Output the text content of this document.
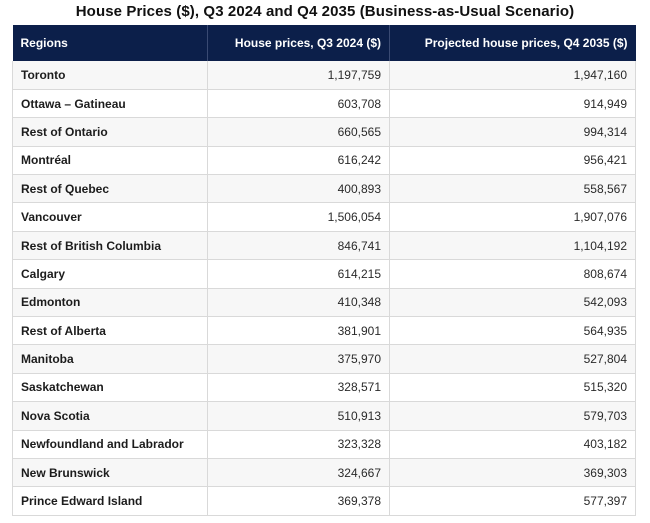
House Prices ($), Q3 2024 and Q4 2035 (Business-as-Usual Scenario)
Regions	House prices, Q3 2024 ($)	Projected house prices, Q4 2035 ($)
Toronto	1,197,759	1,947,160
Ottawa – Gatineau	603,708	914,949
Rest of Ontario	660,565	994,314
Montréal	616,242	956,421
Rest of Quebec	400,893	558,567
Vancouver	1,506,054	1,907,076
Rest of British Columbia	846,741	1,104,192
Calgary	614,215	808,674
Edmonton	410,348	542,093
Rest of Alberta	381,901	564,935
Manitoba	375,970	527,804
Saskatchewan	328,571	515,320
Nova Scotia	510,913	579,703
Newfoundland and Labrador	323,328	403,182
New Brunswick	324,667	369,303
Prince Edward Island	369,378	577,397
